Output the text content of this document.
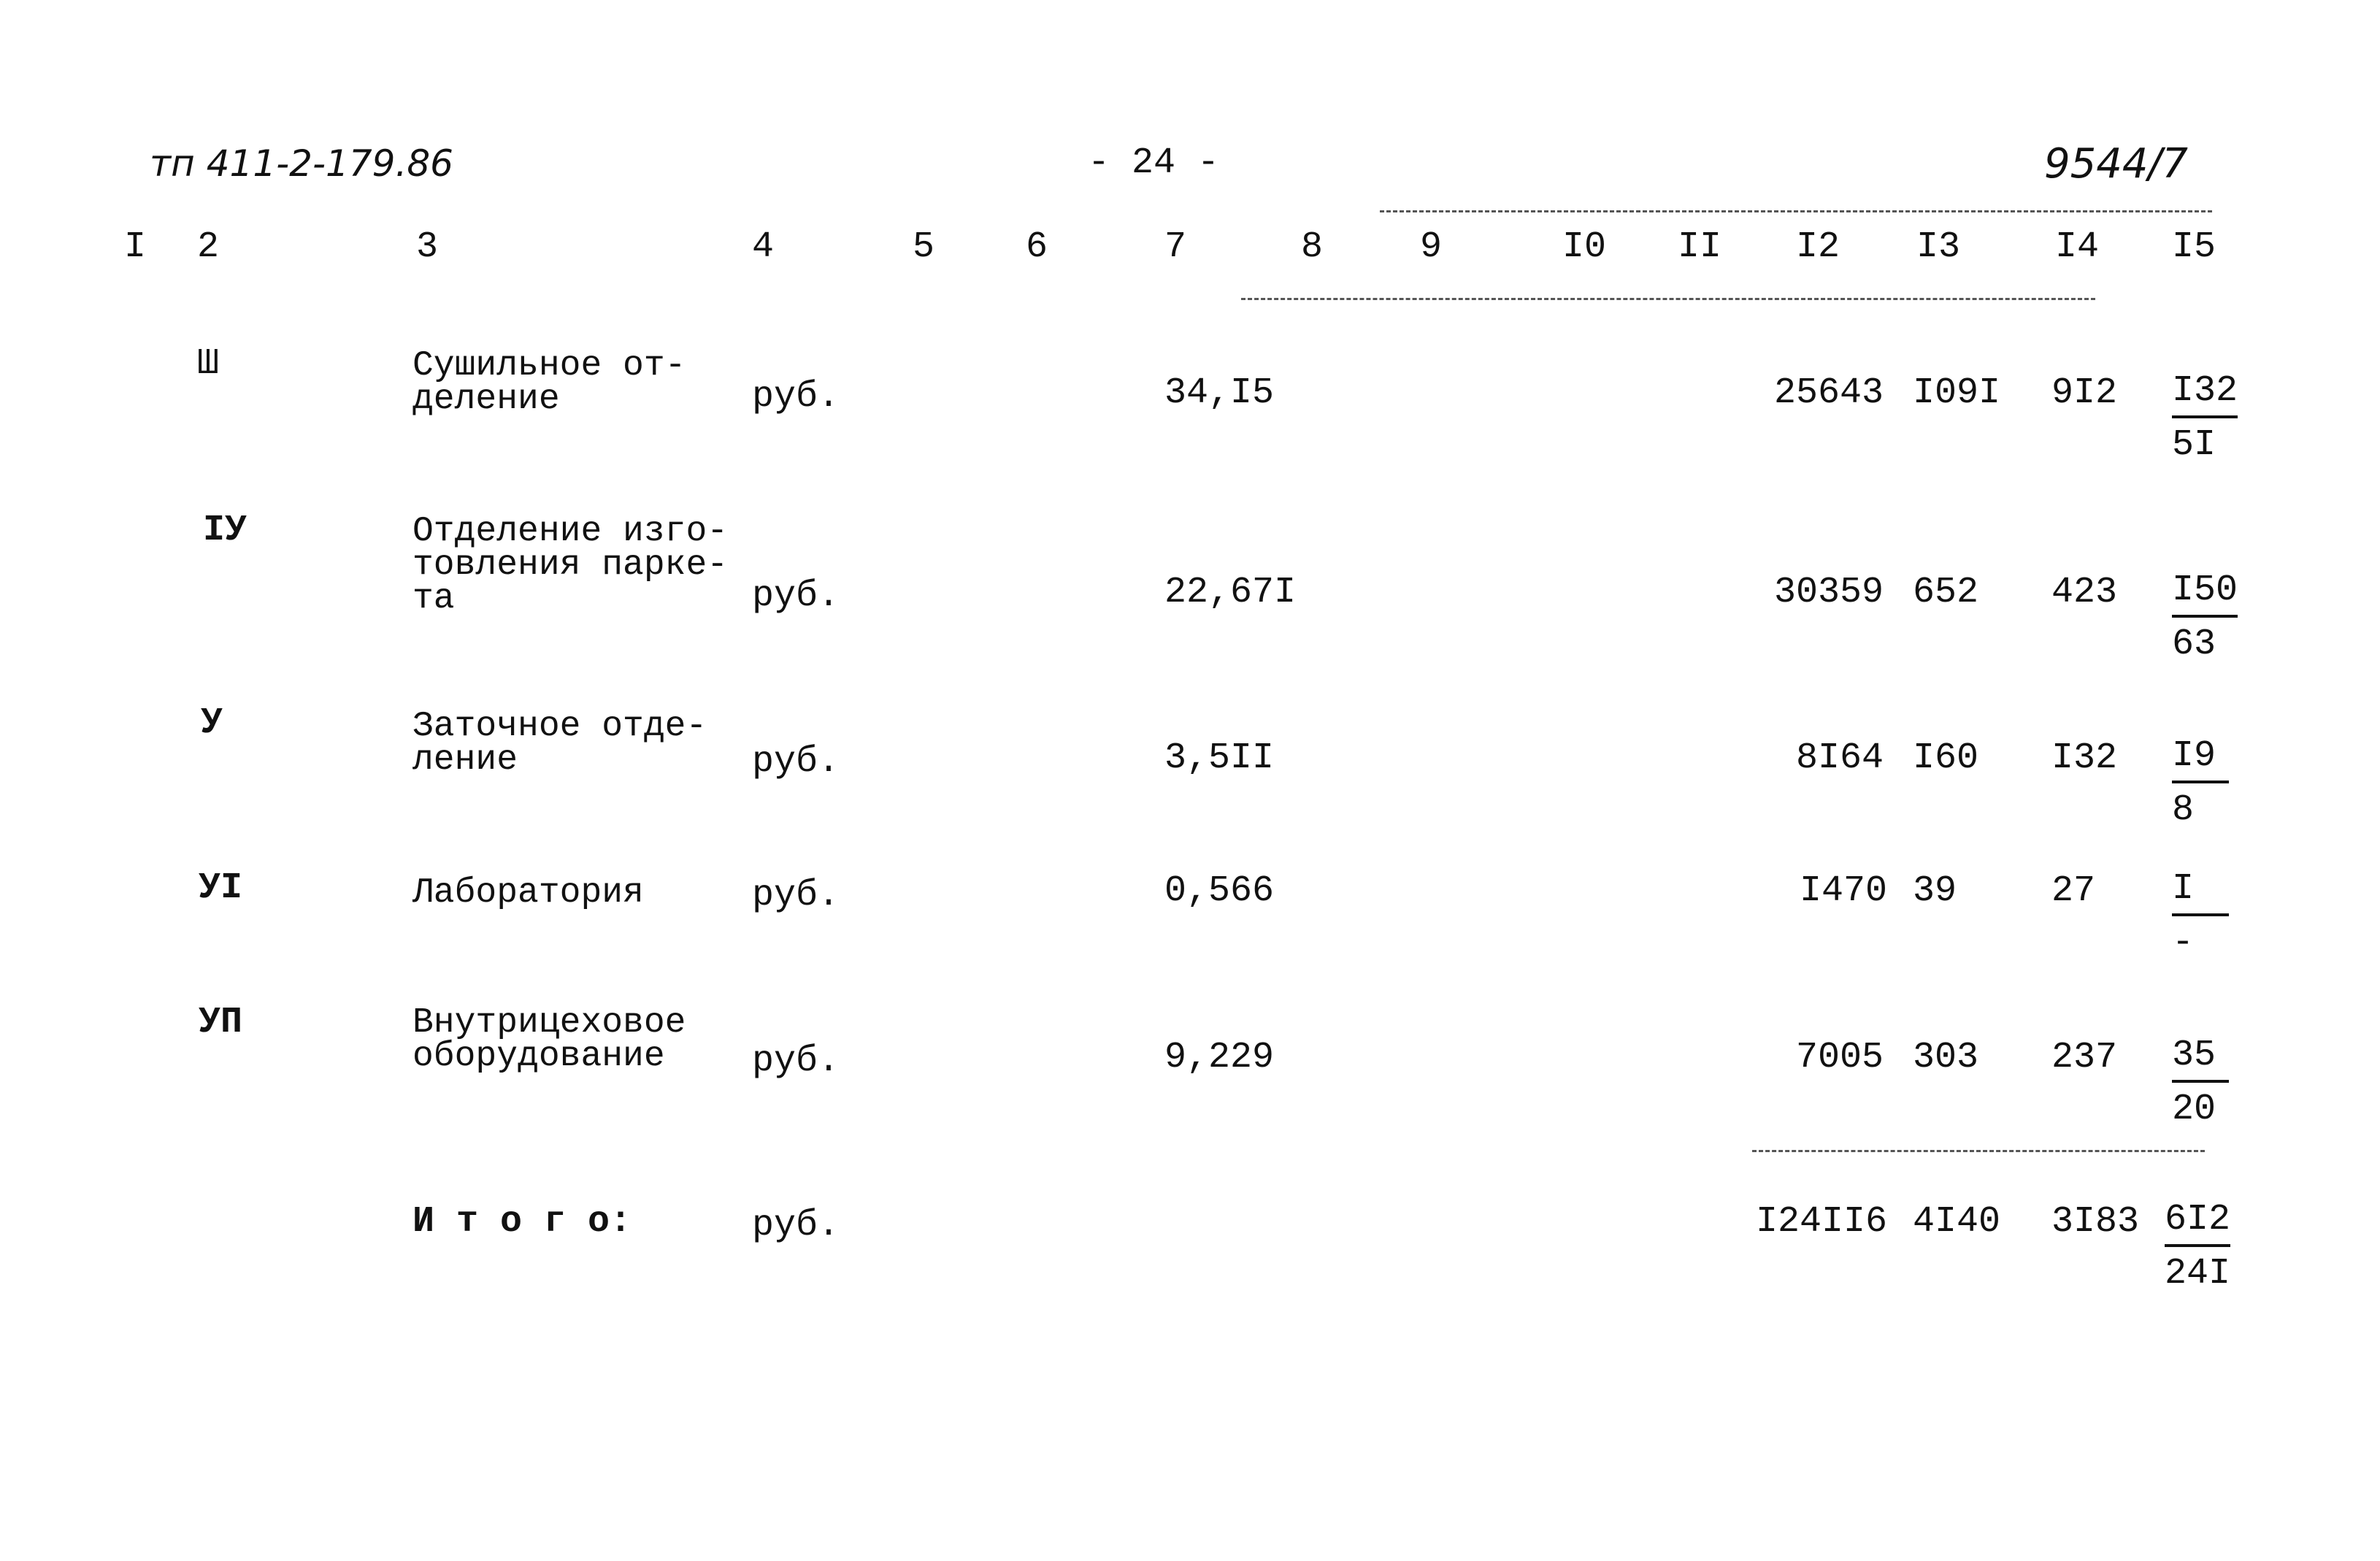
тп 411-2-179.86	- 24 -	9544/7
I 2	3	4	5 6	7	8	9	I0 II I2 I3	I4 I5
Ш	Сушильное от-
деление	руб.	34,I5	25643 I09I $9I2 \frac{I32}{5I}$
IУ	Отделение изго-
товления парке-
та	руб.	22,67I	30359 652 $423 \frac{I50}{63}$
У	Заточное отде-
ление	руб.	3,5II	8I64 I60 $I32 \frac{I9}{8}$
УI	Лаборатория	руб.	0,566	I470 39	27 I
-
УП	Внутрицеховое
оборудование	руб.	9,229	7005 303 $237 \frac{35}{20}$
И т о г о:	руб.	I24II6 4I40 $3I83 \frac{6I2}{24I}$
